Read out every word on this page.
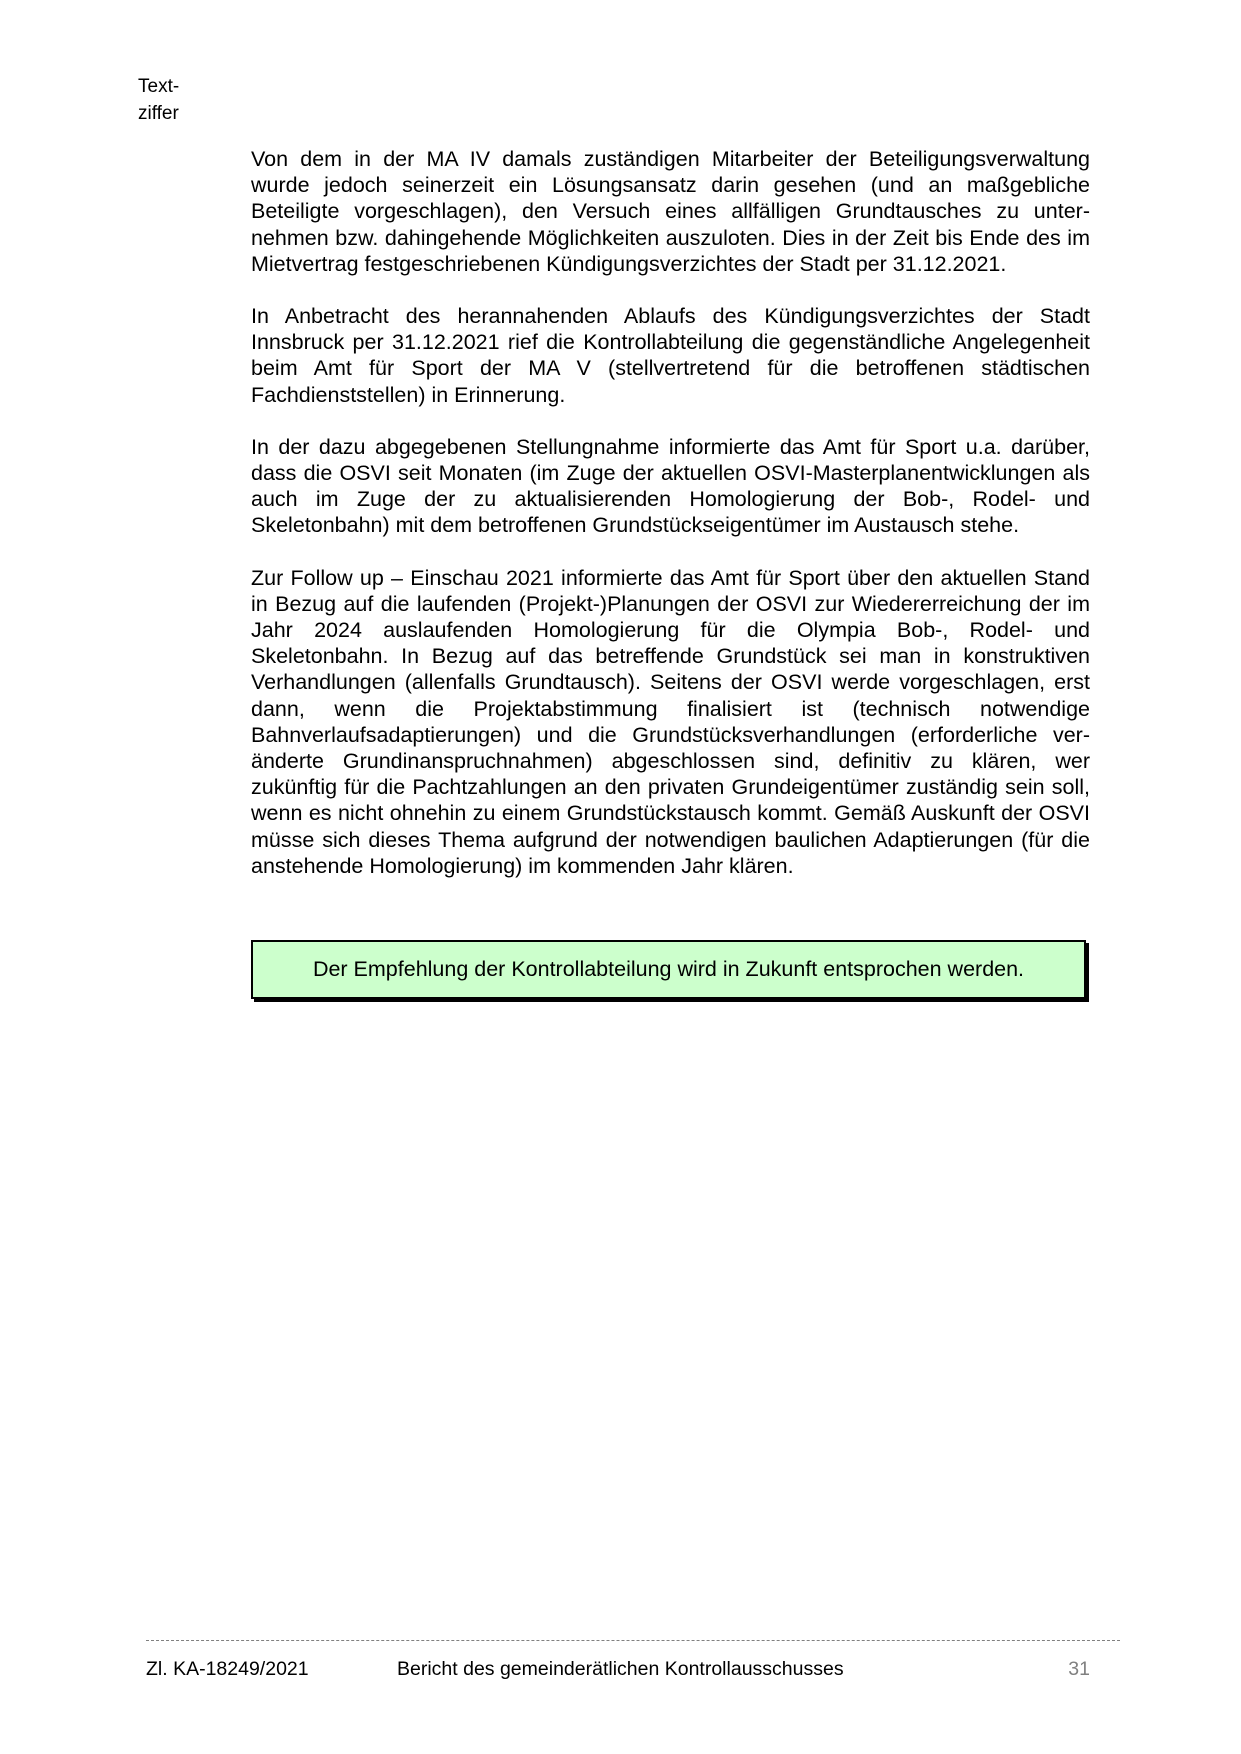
Text-
ziffer

Von dem in der MA IV damals zuständigen Mitarbeiter der Beteiligungsverwaltung wurde jedoch seinerzeit ein Lösungsansatz darin gesehen (und an maßgebliche Beteiligte vorgeschlagen), den Versuch eines allfälligen Grundtausches zu unternehmen bzw. dahingehende Möglichkeiten auszuloten. Dies in der Zeit bis Ende des im Mietvertrag festgeschriebenen Kündigungsverzichtes der Stadt per 31.12.2021.

In Anbetracht des herannahenden Ablaufs des Kündigungsverzichtes der Stadt Innsbruck per 31.12.2021 rief die Kontrollabteilung die gegenständliche Angelegenheit beim Amt für Sport der MA V (stellvertretend für die betroffenen städtischen Fachdienststellen) in Erinnerung.

In der dazu abgegebenen Stellungnahme informierte das Amt für Sport u.a. darüber, dass die OSVI seit Monaten (im Zuge der aktuellen OSVI-Masterplanentwicklungen als auch im Zuge der zu aktualisierenden Homologierung der Bob-, Rodel- und Skeletonbahn) mit dem betroffenen Grundstückseigentümer im Austausch stehe.

Zur Follow up – Einschau 2021 informierte das Amt für Sport über den aktuellen Stand in Bezug auf die laufenden (Projekt-)Planungen der OSVI zur Wiedererreichung der im Jahr 2024 auslaufenden Homologierung für die Olympia Bob-, Rodel- und Skeletonbahn. In Bezug auf das betreffende Grundstück sei man in konstruktiven Verhandlungen (allenfalls Grundtausch). Seitens der OSVI werde vorgeschlagen, erst dann, wenn die Projektabstimmung finalisiert ist (technisch notwendige Bahnverlaufsadaptierungen) und die Grundstücksverhandlungen (erforderliche veränderte Grundinanspruchnahmen) abgeschlossen sind, definitiv zu klären, wer zukünftig für die Pachtzahlungen an den privaten Grundeigentümer zuständig sein soll, wenn es nicht ohnehin zu einem Grundstückstausch kommt. Gemäß Auskunft der OSVI müsse sich dieses Thema aufgrund der notwendigen baulichen Adaptierungen (für die anstehende Homologierung) im kommenden Jahr klären.

Der Empfehlung der Kontrollabteilung wird in Zukunft entsprochen werden.
Zl. KA-18249/2021	Bericht des gemeinderätlichen Kontrollausschusses	31
